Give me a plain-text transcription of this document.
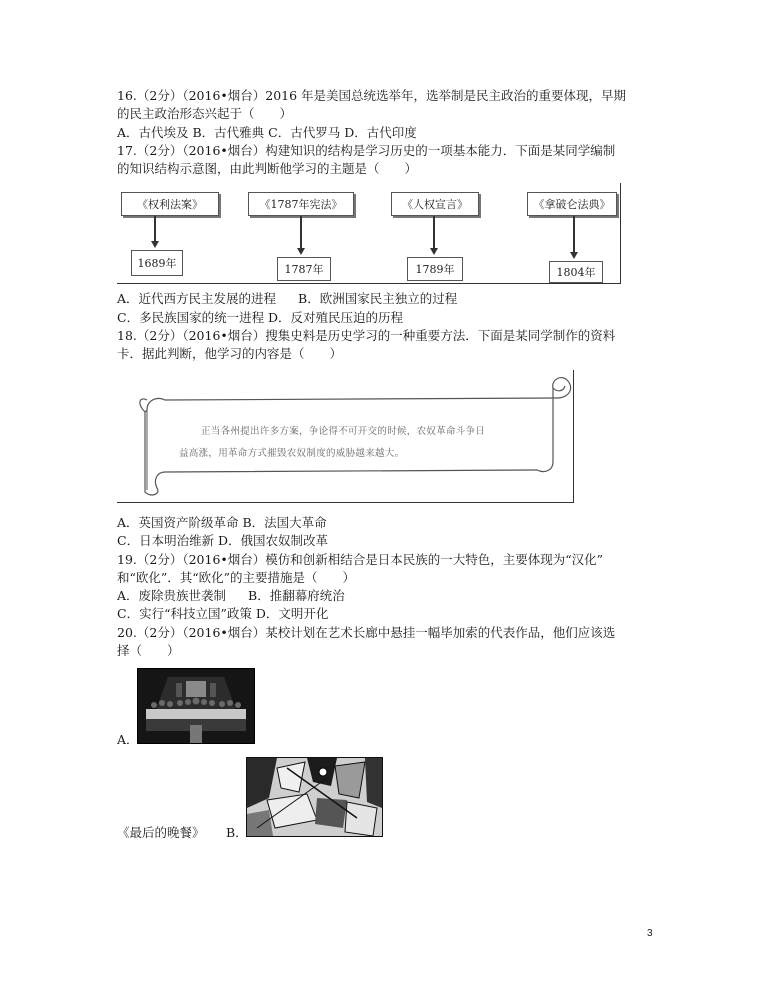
16.（2分）（2016•烟台）2016 年是美国总统选举年，选举制是民主政治的重要体现，早期
的民主政治形态兴起于（　　）
A．古代埃及 B．古代雅典 C．古代罗马 D．古代印度
17.（2分）（2016•烟台）构建知识的结构是学习历史的一项基本能力．下面是某同学编制
的知识结构示意图，由此判断他学习的主题是（　　）
《权利法案》	《1787年宪法》	《人权宣言》	《拿破仑法典》
1689年	1787年	1789年	1804年
A．近代西方民主发展的进程 B．欧洲国家民主独立的过程
C．多民族国家的统一进程 D．反对殖民压迫的历程
18.（2分）（2016•烟台）搜集史料是历史学习的一种重要方法．下面是某同学制作的资料
卡．据此判断，他学习的内容是（　　）
正当各州提出许多方案，争论得不可开交的时候，农奴革命斗争日
益高涨，用革命方式摧毁农奴制度的威胁越来越大。
A．英国资产阶级革命 B．法国大革命
C．日本明治维新 D．俄国农奴制改革
19.（2分）（2016•烟台）模仿和创新相结合是日本民族的一大特色，主要体现为“汉化”
和“欧化”．其“欧化”的主要措施是（　　）
A．废除贵族世袭制 B．推翻幕府统治
C．实行“科技立国”政策 D．文明开化
20.（2分）（2016•烟台）某校计划在艺术长廊中悬挂一幅毕加索的代表作品，他们应该选
择（　　）
A．
《最后的晚餐》 B．
3
